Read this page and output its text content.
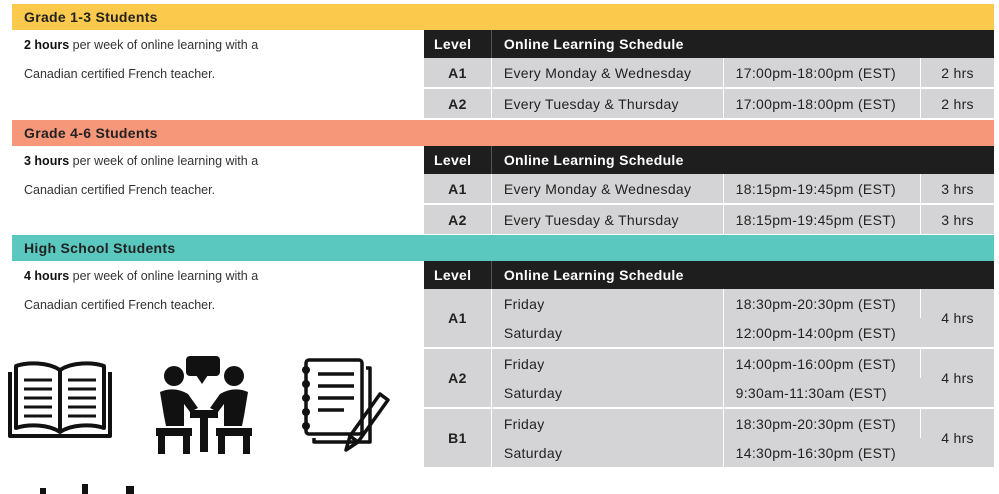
Grade 1-3 Students
2 hours per week of online learning with a
Canadian certified French teacher.
Level	Online Learning Schedule		
A1	Every Monday & Wednesday	17:00pm-18:00pm (EST)	2 hrs
A2	Every Tuesday & Thursday	17:00pm-18:00pm (EST)	2 hrs
Grade 4-6 Students
3 hours per week of online learning with a
Canadian certified French teacher.
Level	Online Learning Schedule		
A1	Every Monday & Wednesday	18:15pm-19:45pm (EST)	3 hrs
A2	Every Tuesday & Thursday	18:15pm-19:45pm (EST)	3 hrs
High School Students
4 hours per week of online learning with a
Canadian certified French teacher.
Level	Online Learning Schedule		
A1	Friday	18:30pm-20:30pm (EST)	4 hrs
	Saturday	12:00pm-14:00pm (EST)	
A2	Friday	14:00pm-16:00pm (EST)	4 hrs
	Saturday	9:30am-11:30am (EST)	
B1	Friday	18:30pm-20:30pm (EST)	4 hrs
	Saturday	14:30pm-16:30pm (EST)	
